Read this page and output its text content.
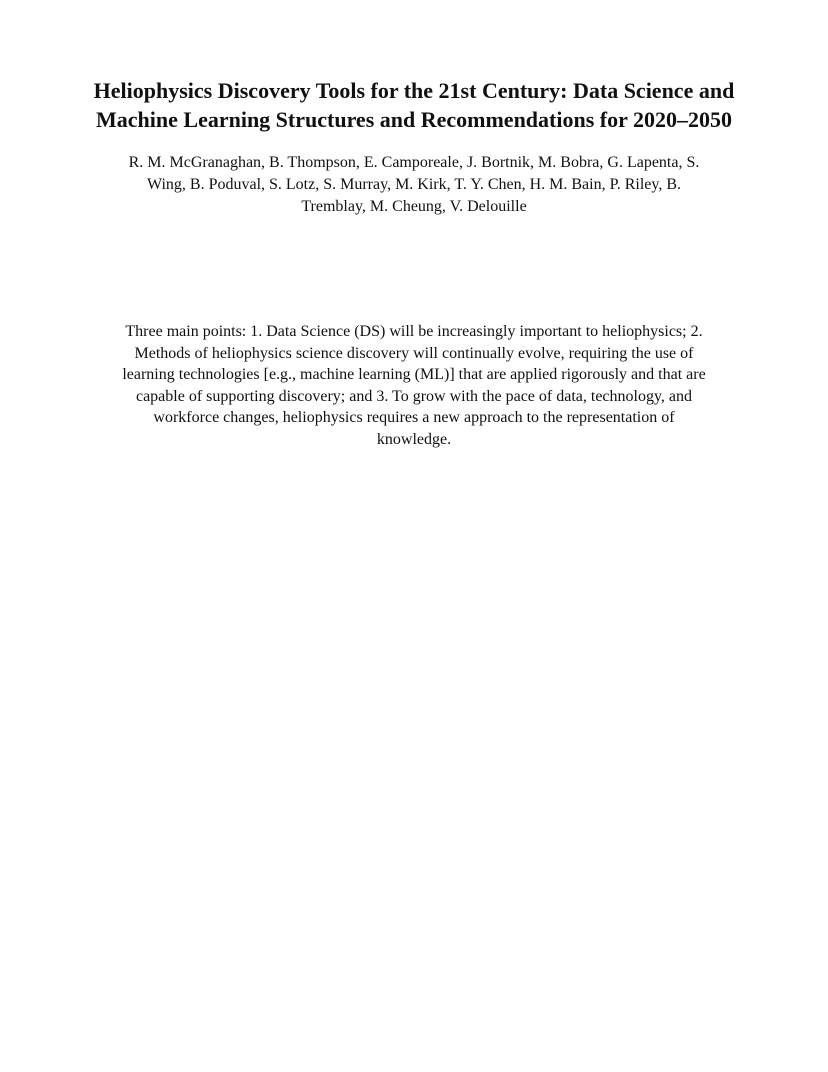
Heliophysics Discovery Tools for the 21st Century: Data Science and
Machine Learning Structures and Recommendations for 2020–2050

R. M. McGranaghan, B. Thompson, E. Camporeale, J. Bortnik, M. Bobra, G. Lapenta, S.
Wing, B. Poduval, S. Lotz, S. Murray, M. Kirk, T. Y. Chen, H. M. Bain, P. Riley, B.
Tremblay, M. Cheung, V. Delouille

Three main points: 1. Data Science (DS) will be increasingly important to heliophysics; 2.
Methods of heliophysics science discovery will continually evolve, requiring the use of
learning technologies [e.g., machine learning (ML)] that are applied rigorously and that are
capable of supporting discovery; and 3. To grow with the pace of data, technology, and
workforce changes, heliophysics requires a new approach to the representation of
knowledge.
